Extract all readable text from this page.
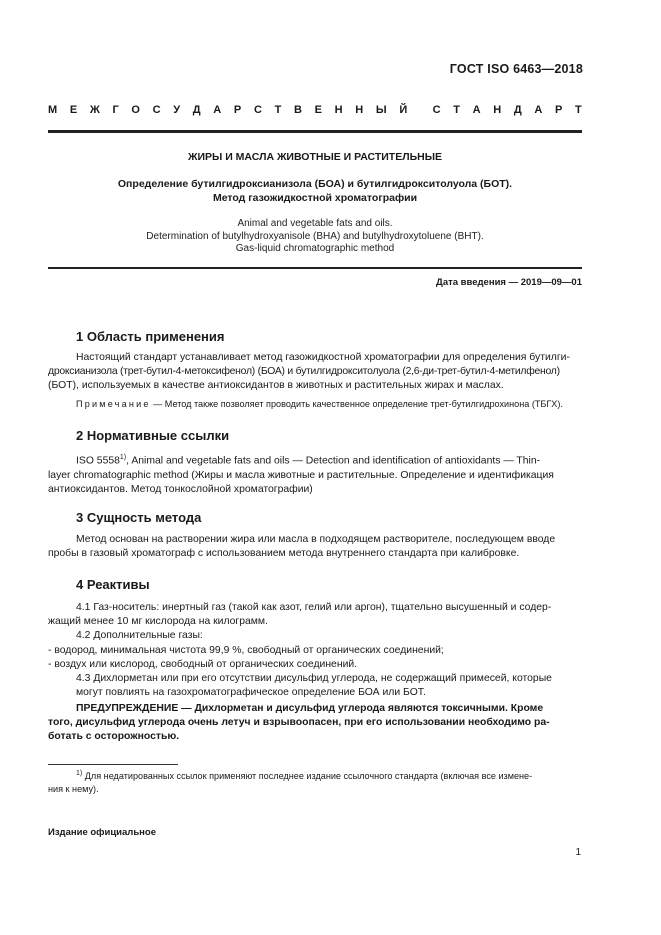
ГОСТ ISO 6463—2018
М Е Ж Г О С У Д А Р С Т В Е Н Н Ы Й С Т А Н Д А Р Т
ЖИРЫ И МАСЛА ЖИВОТНЫЕ И РАСТИТЕЛЬНЫЕ
Определение бутилгидроксианизола (БОА) и бутилгидрокситолуола (БОТ).
Метод газожидкостной хроматографии
Animal and vegetable fats and oils.
Determination of butylhydroxyanisole (BHA) and butylhydroxytoluene (BHT).
Gas-liquid chromatographic method
Дата введения — 2019—09—01
1 Область применения
Настоящий стандарт устанавливает метод газожидкостной хроматографии для определения бутилги-
дроксианизола (трет-бутил-4-метоксифенол) (БОА) и бутилгидрокситолуола (2,6-ди-трет-бутил-4-метилфенол)
(БОТ), используемых в качестве антиоксидантов в животных и растительных жирах и маслах.
Примечание — Метод также позволяет проводить качественное определение трет-бутилгидрохинона (ТБГХ).
2 Нормативные ссылки
ISO 5558$^{1)}$, Animal and vegetable fats and oils — Detection and identification of antioxidants — Thin-
layer chromatographic method (Жиры и масла животные и растительные. Определение и идентификация
антиоксидантов. Метод тонкослойной хроматографии)
3 Сущность метода
Метод основан на растворении жира или масла в подходящем растворителе, последующем вводе
пробы в газовый хроматограф с использованием метода внутреннего стандарта при калибровке.
4 Реактивы
4.1 Газ-носитель: инертный газ (такой как азот, гелий или аргон), тщательно высушенный и содер-
жащий менее 10 мг кислорода на килограмм.
4.2 Дополнительные газы:
- водород, минимальная чистота 99,9 %, свободный от органических соединений;
- воздух или кислород, свободный от органических соединений.
4.3 Дихлорметан или при его отсутствии дисульфид углерода, не содержащий примесей, которые
могут повлиять на газохроматографическое определение БОА или БОТ.
ПРЕДУПРЕЖДЕНИЕ — Дихлорметан и дисульфид углерода являются токсичными. Кроме
того, дисульфид углерода очень летуч и взрывоопасен, при его использовании необходимо ра-
ботать с осторожностью.
$^{1)}$ Для недатированных ссылок применяют последнее издание ссылочного стандарта (включая все измене-
ния к нему).
Издание официальное
1
